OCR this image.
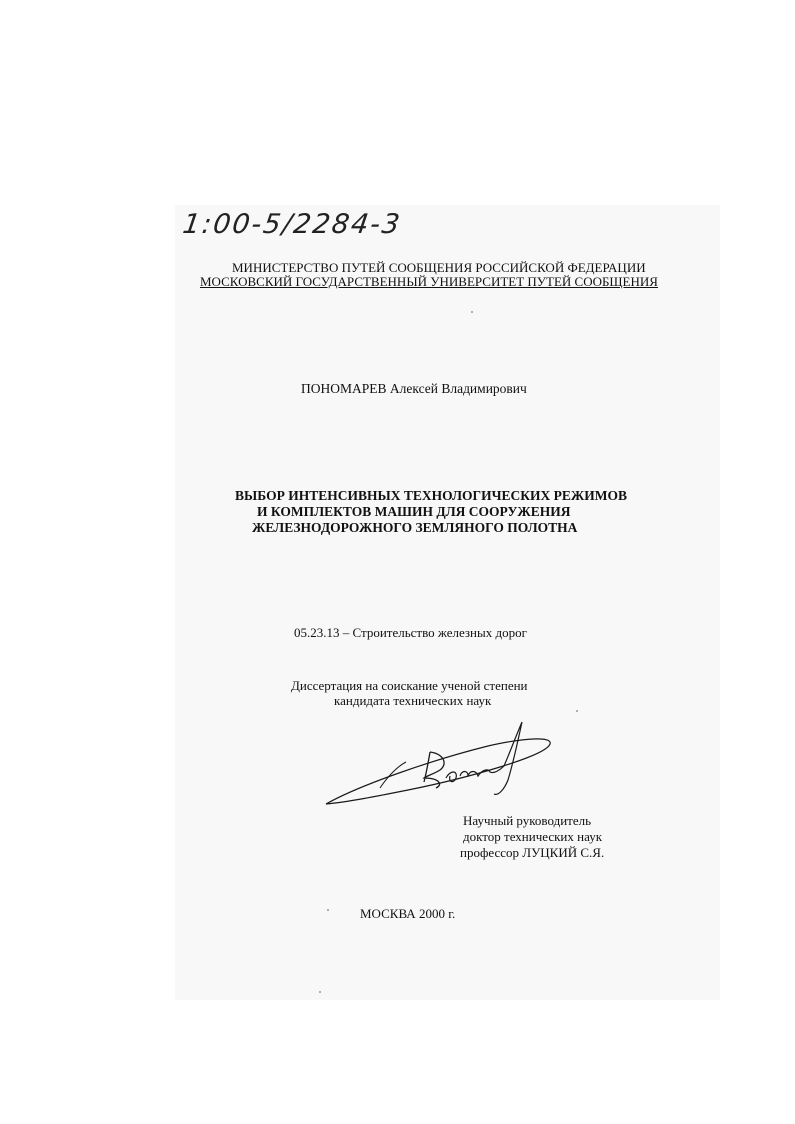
1:00-5/2284-3
МИНИСТЕРСТВО ПУТЕЙ СООБЩЕНИЯ РОССИЙСКОЙ ФЕДЕРАЦИИ
МОСКОВСКИЙ ГОСУДАРСТВЕННЫЙ УНИВЕРСИТЕТ ПУТЕЙ СООБЩЕНИЯ
ПОНОМАРЕВ Алексей Владимирович
ВЫБОР ИНТЕНСИВНЫХ ТЕХНОЛОГИЧЕСКИХ РЕЖИМОВ
И КОМПЛЕКТОВ МАШИН ДЛЯ СООРУЖЕНИЯ
ЖЕЛЕЗНОДОРОЖНОГО ЗЕМЛЯНОГО ПОЛОТНА
05.23.13 – Строительство железных дорог
Диссертация на соискание ученой степени
кандидата технических наук
Научный руководитель
доктор технических наук
профессор ЛУЦКИЙ С.Я.
МОСКВА 2000 г.
